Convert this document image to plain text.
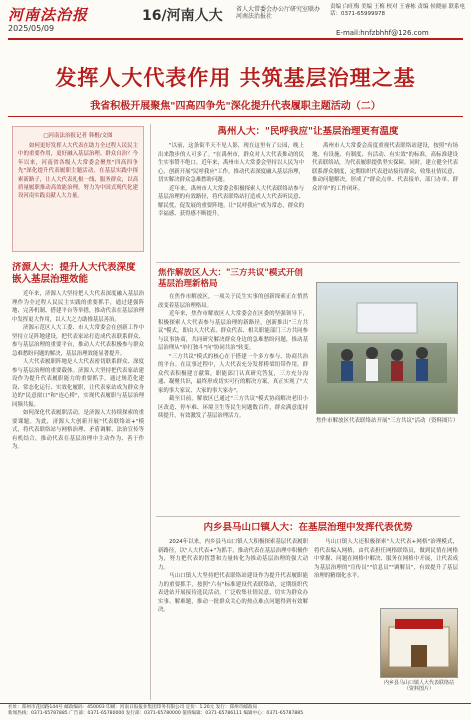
河南法治报
2025/05/09
16/河南人大 省人大常委会办公厅研究室联办 河南法治报社
责编 白旺梅 美编 王梅 校对 王睿栋 责编 侯晓丽 联系电话：0371-65999978
E-mail:hnfzbhhf@126.com
发挥人大代表作用 共筑基层治理之基
我省积极开展聚焦"四高四争先"深化提升代表履职主题活动（二）
□河南法治报记者 韩楷/文图
如何更好发挥人大代表在助力全过程人民民主中的重要作用，更好融入基层治理、群众自治？今年以来，河南省各级人大常委会聚焦"四高四争先"深化提升代表履职主题活动，在基层实践中探索新路子，让人大代表扎根一线、服务群众，以高质量履职推动高效能治理，努力为中国式现代化建设河南实践贡献人大力量。
济源人大：提升人大代表深度嵌入基层治理效能

近年来，济源人大坚持把人大代表深度融入基层治理作为全过程人民民主实践的重要抓手，通过建强阵地、完善机制、搭建平台等举措，推动代表在基层治理中发挥更大作用，以人大之力助推基层善治。

济源示范区人大工委、市人大常委会在创新工作中坚持立足阵地建设，把代表家站打造成代表联系群众、参与基层治理的重要平台，推动人大代表积极参与群众急难愁盼问题的解决，基层治理效能显著提升。

人大代表履职阵地是人大代表密切联系群众、深度参与基层治理的重要载体。济源人大坚持把代表家站建设作为提升代表履职能力的重要抓手，通过规范化建设、常态化运行、实效化履职，让代表家站成为群众身边的"民意窗口"和"连心桥"，实现代表履职与基层治理同频共振。

如何深化代表履职活动，是济源人大持续探索的重要课题。为此，济源人大创新开展"代表联络站+"模式，将代表联络站与网格治理、矛盾调解、法治宣传等有机结合，推动代表在基层治理中主动作为、善于作为。

禹州人大："民呼我应"让基层治理更有温度

"以前，这条街半天不见人影，现在这里有了公园，晚上出来散步的人可多了。"在禹州市，群众对人大代表推动的民生实事赞不绝口。近年来，禹州市人大常委会坚持以人民为中心，创新开展"民呼我应"工作，推动代表深度融入基层治理，切实解决群众急难愁盼问题。

近年来，禹州市人大常委会积极探索人大代表联络站参与基层治理的有效路径，将代表联络站打造成人大代表听民意、解民忧、促发展的重要阵地，让"民呼我应"成为常态，群众的幸福感、获得感不断提升。

禹州市人大常委会高度重视代表联络站建设，按照"有场地、有设施、有制度、有活动、有实效"的标准，高标准建设代表联络站，为代表履职提供坚实保障。同时，建立健全代表联系群众制度，定期组织代表进站接待群众，收集社情民意，推动问题解决，形成了"群众点单、代表接单、部门办单、群众评单"的工作闭环。

焦作解放区人大："三方共议"模式开创基层治理新格局

在焦作市解放区，一项关于民生实事的创新探索正在悄然改变着基层治理格局。

近年来，焦作市解放区人大常委会在区委的坚强领导下，积极探索人大代表参与基层治理的新路径，创新推出"三方共议"模式，即由人大代表、群众代表、相关职能部门三方共同参与议事协商，共同研究解决群众身边的急难愁盼问题，推动基层治理从"单打独斗"向"协同共治"转变。

"三方共议"模式的核心在于搭建一个多方参与、协商共治的平台。在议事过程中，人大代表充分发挥桥梁纽带作用，群众代表积极建言献策，职能部门认真研究答复，三方充分沟通、凝聚共识，最终形成切实可行的解决方案，真正实现了"大家的事大家议、大家的事大家办"。

截至目前，解放区已通过"三方共议"模式协商解决老旧小区改造、停车难、环境卫生等民生问题数百件，群众满意度持续提升，有效激发了基层治理活力。

焦作市解放区代表联络站开展"三方共议"活动（资料图片）
内乡县马山口镇人大：在基层治理中发挥代表优势

2024年以来，内乡县马山口镇人大积极探索基层代表履职新路径，以"人大代表+"为抓手，推动代表在基层治理中积极作为，努力把代表的智慧和力量转化为推动基层治理的强大动力。

马山口镇人大坚持把代表联络站建设作为提升代表履职能力的重要抓手，按照"六有"标准建设代表联络站，定期组织代表进站开展接待选民活动，广泛收集社情民意，切实为群众办实事、解难题，推动一批群众关心的热点难点问题得到有效解决。

马山口镇人大还积极探索"人大代表+网格"治理模式，将代表编入网格，由代表担任网格联络员，做到民情在网格中掌握、问题在网格中解决、服务在网格中开展，让代表成为基层治理的"宣传员""信息员""调解员"，有效提升了基层治理的精细化水平。

内乡县马山口镇人大代表联络站（资料图片）
社址：郑州市花园路144号 邮政编码：450003 印刷：河南日报报业集团印务有限公司 定价：1.20元 发行：郑州市邮政局
新闻热线：0371-65787885 广告部：0371-65780000 发行部：0371-65780000 值班编辑：0371-65786111 编辑中心：0371-65787885
